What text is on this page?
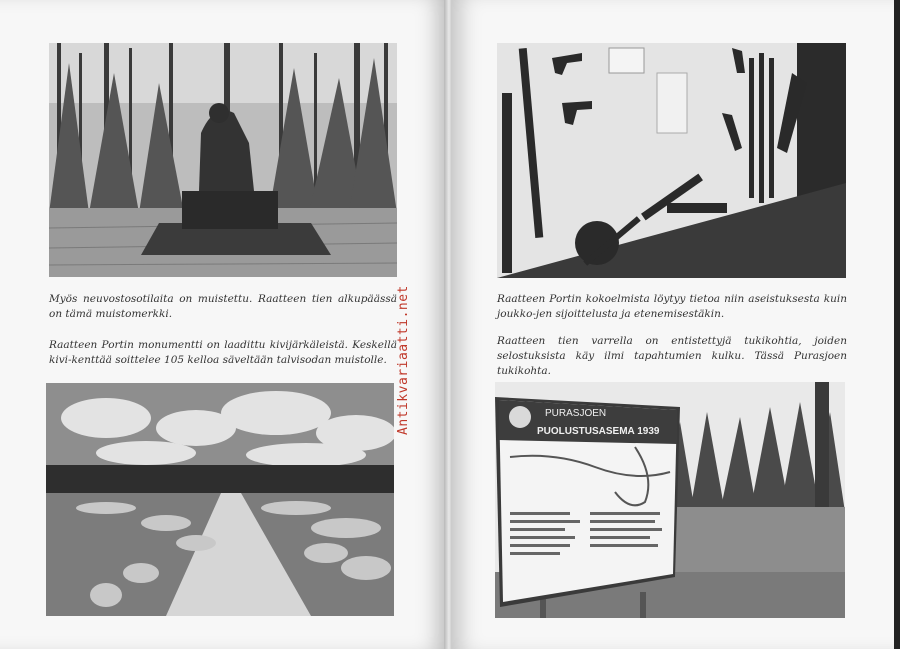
Myös neuvostosotilaita on muistettu. Raatteen tien alkupäässä on tämä muistomerkki.

Raatteen Portin monumentti on laadittu kivijärkäleistä. Keskellä kivi-kenttää soittelee 105 kelloa säveltään talvisodan muistolle. Antikvariaatti.net	Raatteen Portin kokoelmista löytyy tietoa niin aseistuksesta kuin joukko-jen sijoittelusta ja etenemisestäkin.

Raatteen tien varrella on entistettyjä tukikohtia, joiden selostuksista käy ilmi tapahtumien kulku. Tässä Purasjoen tukikohta.

PURASJOEN
PUOLUSTUSASEMA 1939
